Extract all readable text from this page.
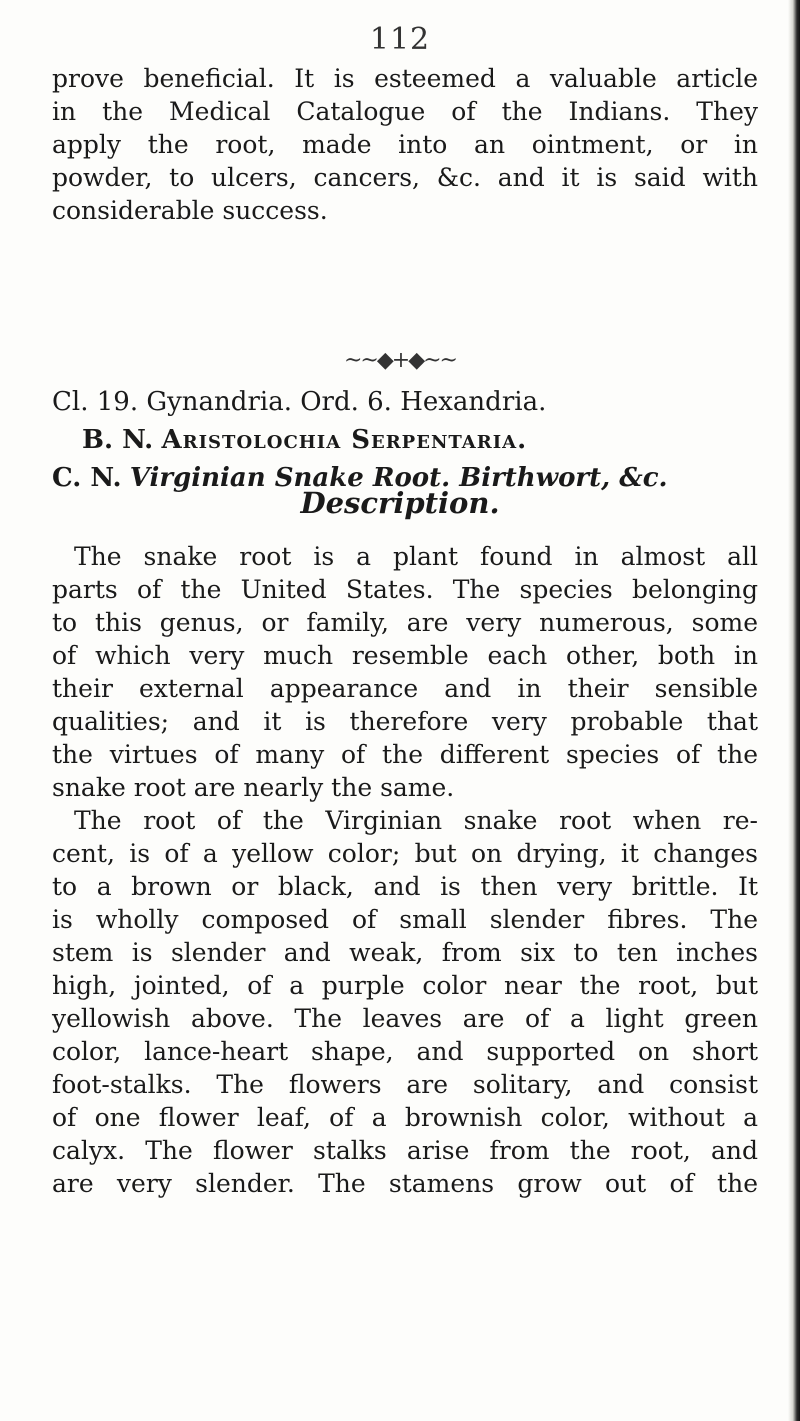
112
prove beneficial. It is esteemed a valuable article
in the Medical Catalogue of the Indians. They
apply the root, made into an ointment, or in
powder, to ulcers, cancers, &c. and it is said with
considerable success.
~~◆+◆~~
Cl. 19. Gynandria. Ord. 6. Hexandria.
B. N. Aristolochia Serpentaria.
C. N. Virginian Snake Root. Birthwort, &c.
Description.
The snake root is a plant found in almost all
parts of the United States. The species belonging
to this genus, or family, are very numerous, some
of which very much resemble each other, both in
their external appearance and in their sensible
qualities; and it is therefore very probable that
the virtues of many of the different species of the
snake root are nearly the same.
The root of the Virginian snake root when re-
cent, is of a yellow color; but on drying, it changes
to a brown or black, and is then very brittle. It
is wholly composed of small slender fibres. The
stem is slender and weak, from six to ten inches
high, jointed, of a purple color near the root, but
yellowish above. The leaves are of a light green
color, lance-heart shape, and supported on short
foot-stalks. The flowers are solitary, and consist
of one flower leaf, of a brownish color, without a
calyx. The flower stalks arise from the root, and
are very slender. The stamens grow out of the
